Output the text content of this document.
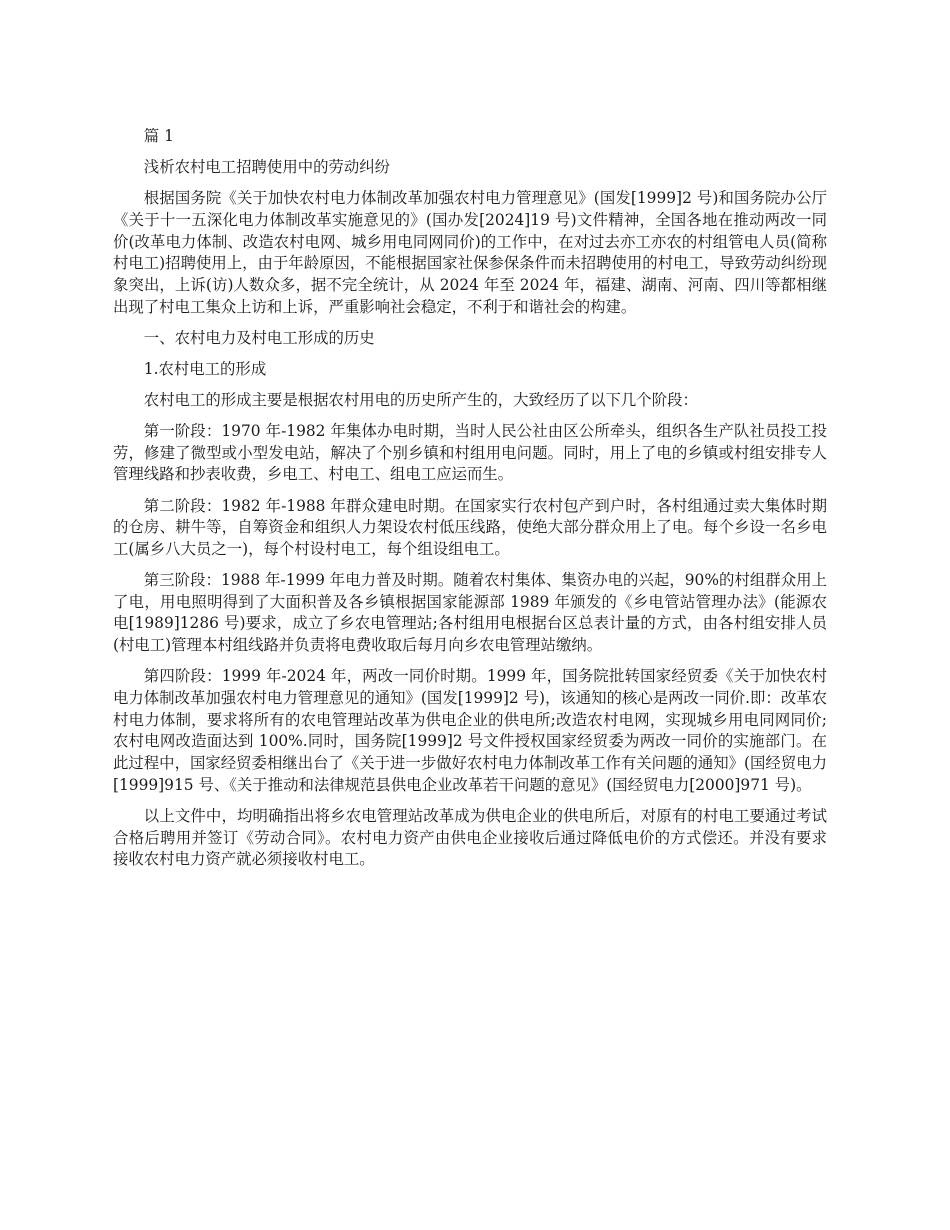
篇 1

浅析农村电工招聘使用中的劳动纠纷

根据国务院《关于加快农村电力体制改革加强农村电力管理意见》(国发[1999]2 号)和国务院办公厅《关于十一五深化电力体制改革实施意见的》(国办发[2024]19 号)文件精神，全国各地在推动两改一同价(改革电力体制、改造农村电网、城乡用电同网同价)的工作中，在对过去亦工亦农的村组管电人员(简称村电工)招聘使用上，由于年龄原因，不能根据国家社保参保条件而未招聘使用的村电工，导致劳动纠纷现象突出，上诉(访)人数众多，据不完全统计，从 2024 年至 2024 年，福建、湖南、河南、四川等都相继出现了村电工集众上访和上诉，严重影响社会稳定，不利于和谐社会的构建。

一、农村电力及村电工形成的历史

1.农村电工的形成

农村电工的形成主要是根据农村用电的历史所产生的，大致经历了以下几个阶段：

第一阶段：1970 年-1982 年集体办电时期，当时人民公社由区公所牵头，组织各生产队社员投工投劳，修建了微型或小型发电站，解决了个别乡镇和村组用电问题。同时，用上了电的乡镇或村组安排专人管理线路和抄表收费，乡电工、村电工、组电工应运而生。

第二阶段：1982 年-1988 年群众建电时期。在国家实行农村包产到户时，各村组通过卖大集体时期的仓房、耕牛等，自筹资金和组织人力架设农村低压线路，使绝大部分群众用上了电。每个乡设一名乡电工(属乡八大员之一)，每个村设村电工，每个组设组电工。

第三阶段：1988 年-1999 年电力普及时期。随着农村集体、集资办电的兴起，90%的村组群众用上了电，用电照明得到了大面积普及各乡镇根据国家能源部 1989 年颁发的《乡电管站管理办法》(能源农电[1989]1286 号)要求，成立了乡农电管理站;各村组用电根据台区总表计量的方式，由各村组安排人员(村电工)管理本村组线路并负责将电费收取后每月向乡农电管理站缴纳。

第四阶段：1999 年-2024 年，两改一同价时期。1999 年，国务院批转国家经贸委《关于加快农村电力体制改革加强农村电力管理意见的通知》(国发[1999]2 号)，该通知的核心是两改一同价.即：改革农村电力体制，要求将所有的农电管理站改革为供电企业的供电所;改造农村电网，实现城乡用电同网同价;农村电网改造面达到 100%.同时，国务院[1999]2 号文件授权国家经贸委为两改一同价的实施部门。在此过程中，国家经贸委相继出台了《关于进一步做好农村电力体制改革工作有关问题的通知》(国经贸电力[1999]915 号、《关于推动和法律规范县供电企业改革若干问题的意见》(国经贸电力[2000]971 号)。

以上文件中，均明确指出将乡农电管理站改革成为供电企业的供电所后，对原有的村电工要通过考试合格后聘用并签订《劳动合同》。农村电力资产由供电企业接收后通过降低电价的方式偿还。并没有要求接收农村电力资产就必须接收村电工。
